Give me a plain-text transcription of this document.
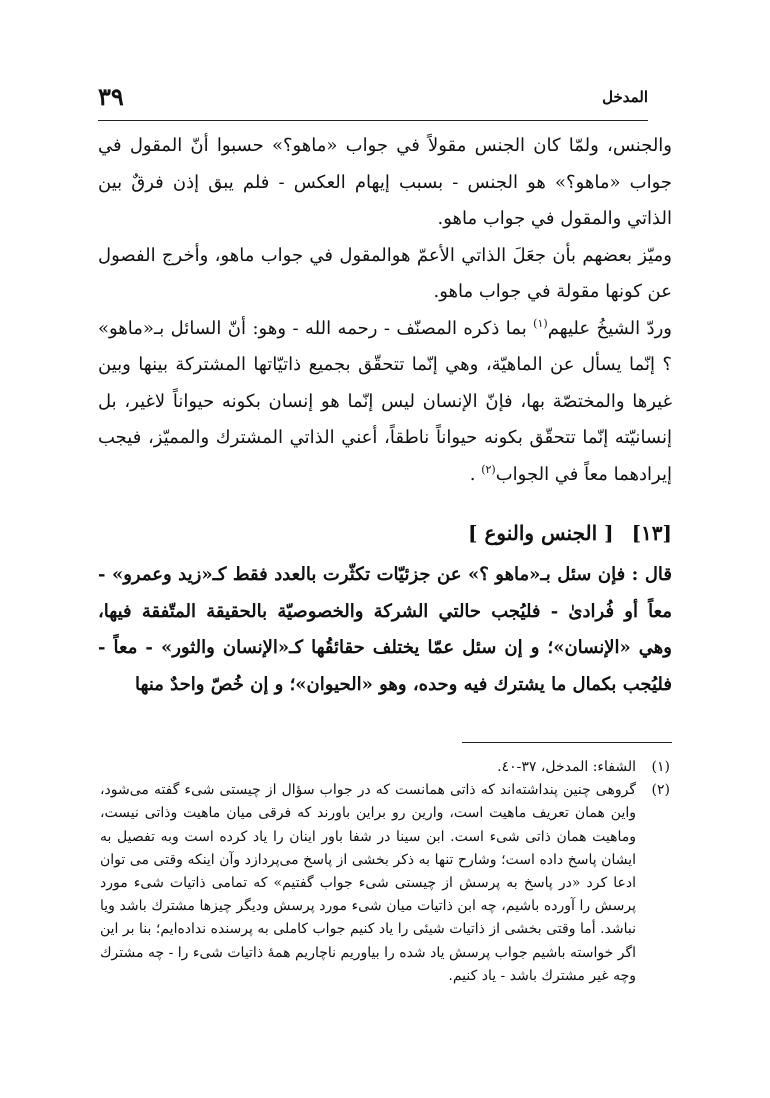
٣٩	المدخل

والجنس، ولمّا كان الجنس مقولاً في جواب «ماهو؟» حسبوا أنّ المقول في جواب «ماهو؟» هو الجنس - بسبب إيهام العكس - فلم يبق إذن فرقٌ بين الذاتي والمقول في جواب ماهو.

وميّز بعضهم بأن جعَلَ الذاتي الأعمّ هوالمقول في جواب ماهو، وأخرج الفصول عن كونها مقولة في جواب ماهو.

وردّ الشيخُ عليهم$^{(١)}$ بما ذكره المصنّف - رحمه الله - وهو: أنّ السائل بـ«ماهو» ؟ إنّما يسأل عن الماهيّة، وهي إنّما تتحقّق بجميع ذاتيّاتها المشتركة بينها وبين غيرها والمختصّة بها، فإنّ الإنسان ليس إنّما هو إنسان بكونه حيواناً لاغير، بل إنسانيّته إنّما تتحقّق بكونه حيواناً ناطقاً، أعني الذاتي المشترك والمميّز، فيجب إيرادهما معاً في الجواب$^{(٢)}$ .

[١٣][ الجنس والنوع ]

قال : فإن سئل بـ«ماهو ؟» عن جزئيّات تكثّرت بالعدد فقط كـ«زيد وعمرو» - معاً أو فُرادىٰ - فليُجب حالتي الشركة والخصوصيّة بالحقيقة المتّفقة فيها، وهي «الإنسان»؛ و إن سئل عمّا يختلف حقائقُها كـ«الإنسان والثور» - معاً - فليُجب بكمال ما يشترك فيه وحده، وهو «الحيوان»؛ و إن خُصّ واحدٌ منها

(١)
الشفاء: المدخل، ٣٧-٤٠.
(٢)
گروهى چنين پنداشته‌اند كه ذاتى همانست كه در جواب سؤال از چيستى شىء گفته مى‌شود، واين همان تعريف ماهيت است، وارين رو براين باورند كه فرقى ميان ماهيت وذاتى نيست، وماهيت همان ذاتى شىء است. ابن سينا در شفا باور اينان را ياد كرده است وبه تفصيل به ايشان پاسخ داده است؛ وشارح تنها به ذكر بخشى از پاسخ مى‌پردازد وآن اينكه وقتى مى توان ادعا كرد «در پاسخ به پرسش از چيستى شىء جواب گفتيم» كه تمامى ذاتيات شىء مورد پرسش را آورده باشيم، چه ابن ذاتيات ميان شىء مورد پرسش وديگر چيزها مشترك باشد ويا نباشد. أما وقتى بخشى از ذاتيات شيئى را ياد كنيم جواب كاملى به پرسنده نداده‌ايم؛ بنا بر اين اگر خواسته باشيم جواب پرسش ياد شده را بياوريم ناچاريم همهٔ ذاتيات شىء را - چه مشترك وچه غير مشترك باشد - ياد كنيم.
